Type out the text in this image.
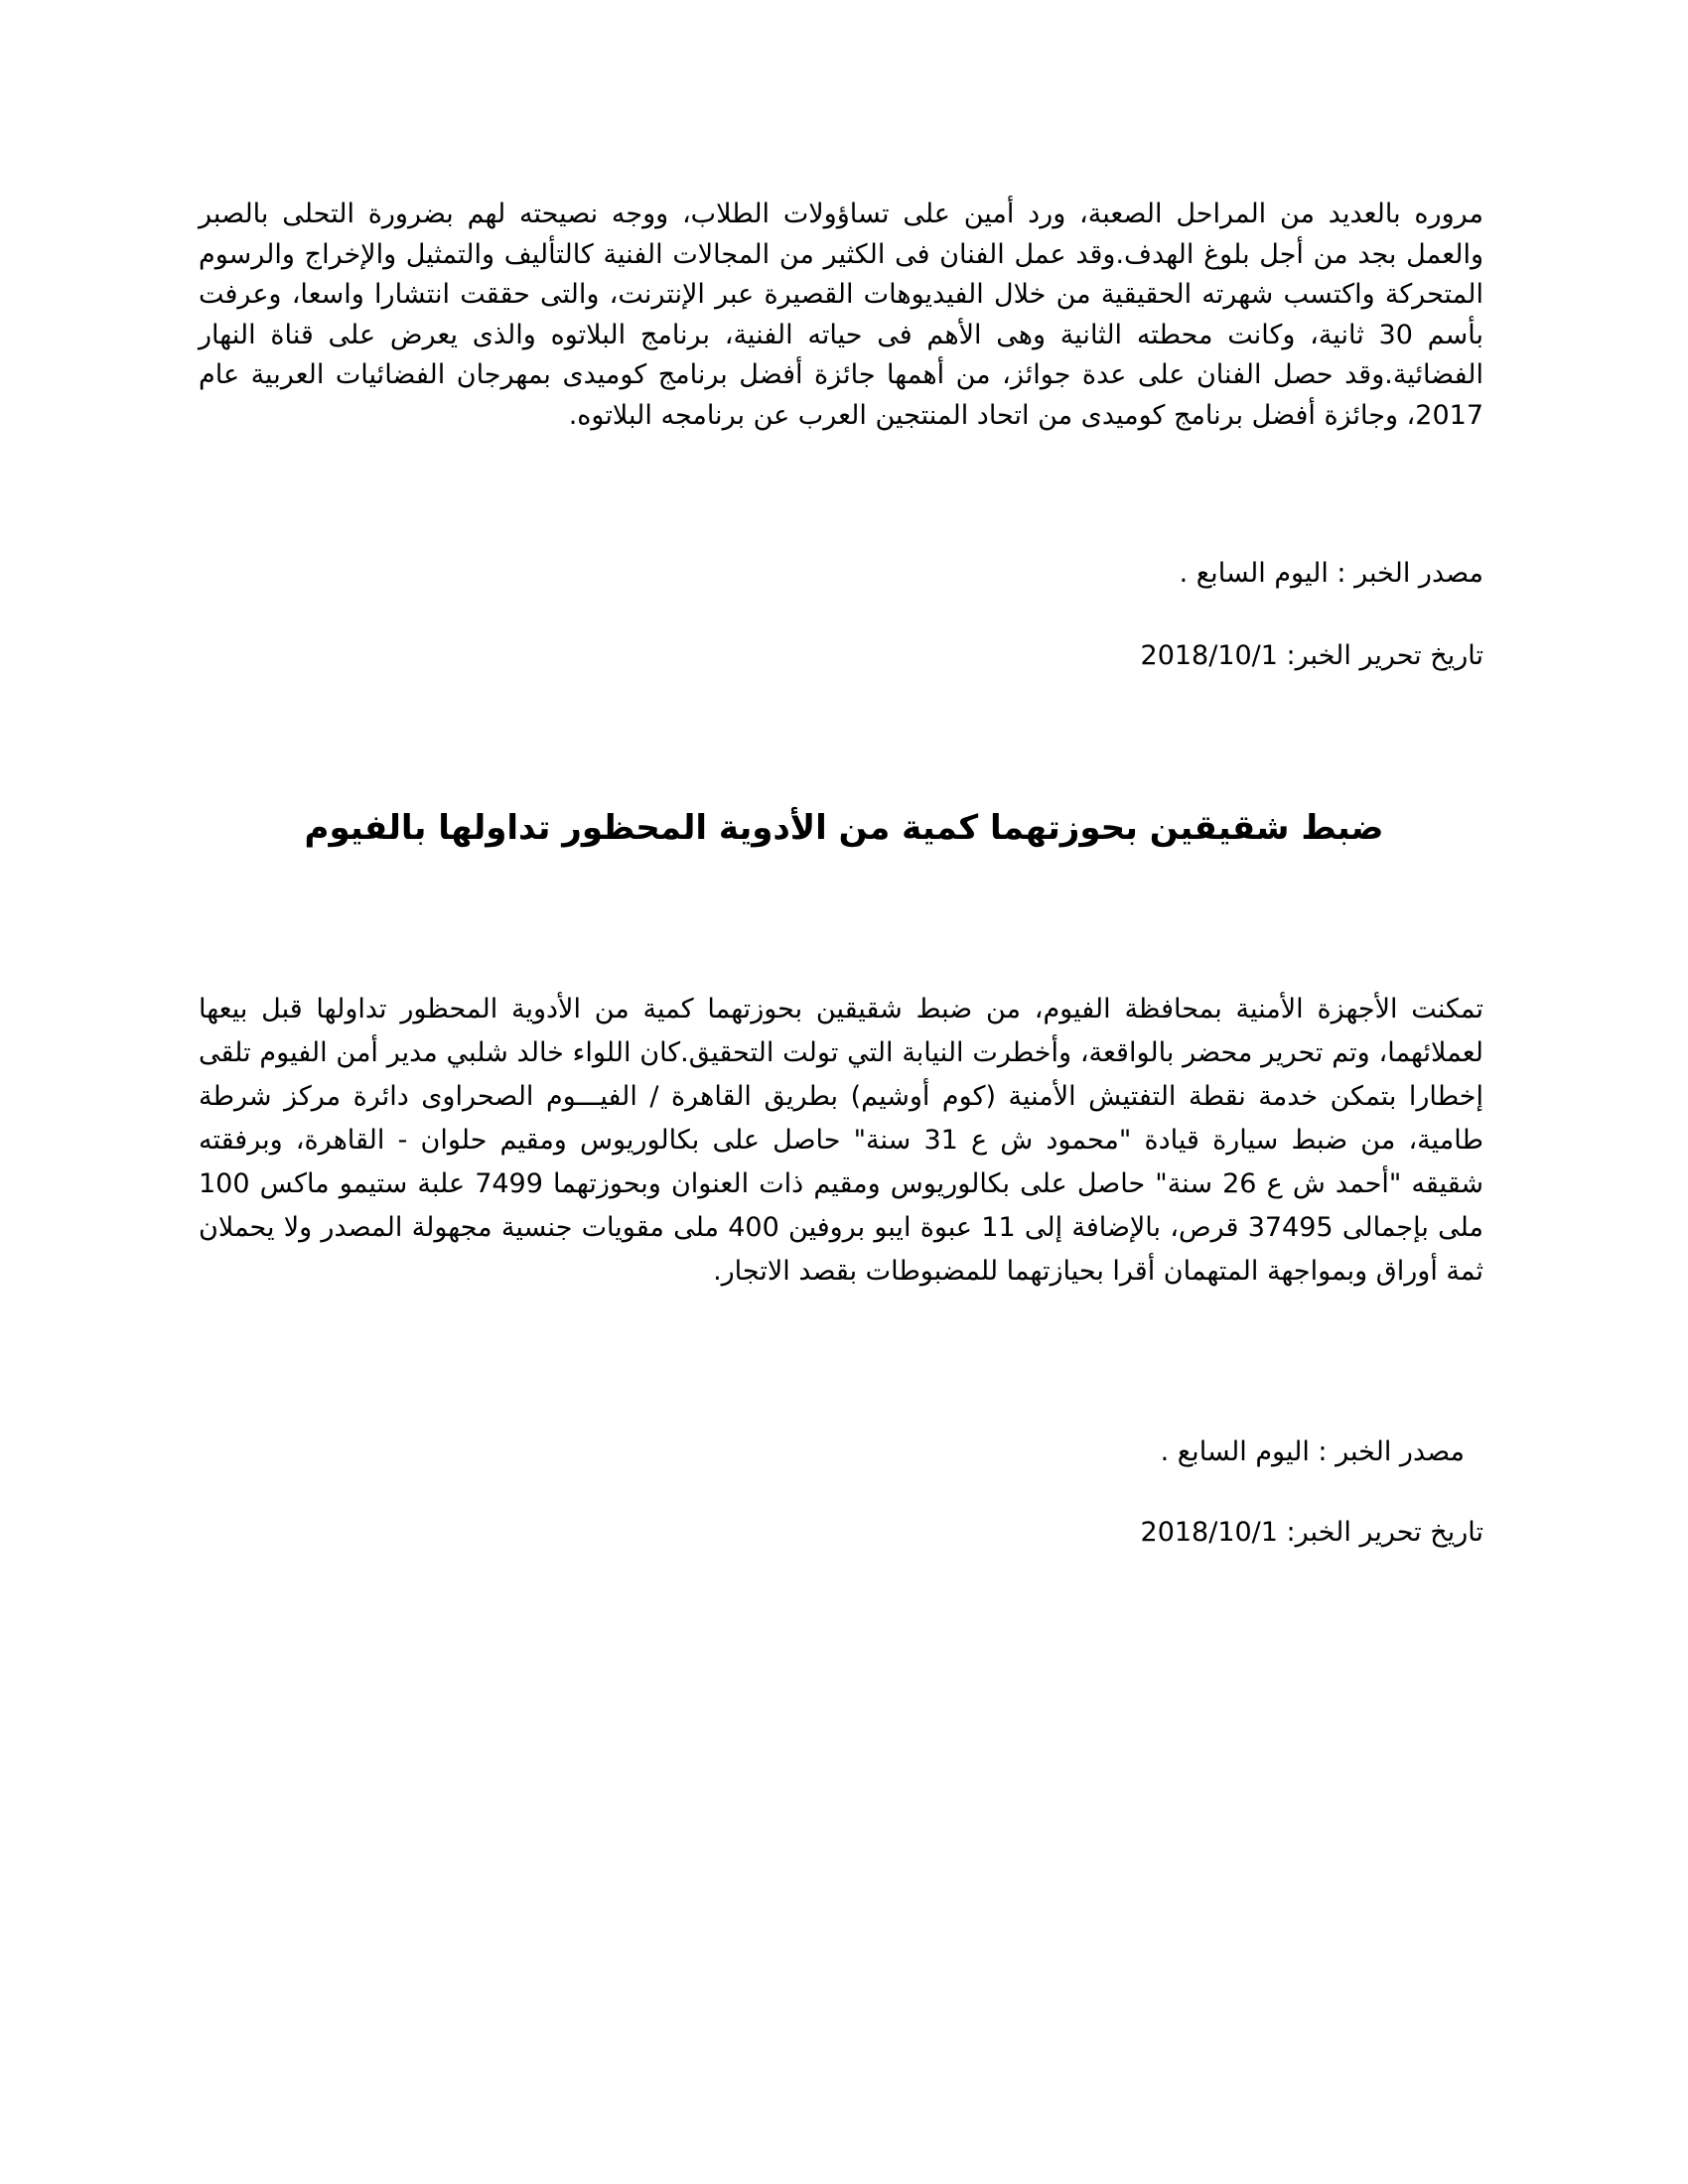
مروره بالعديد من المراحل الصعبة، ورد أمين على تساؤولات الطلاب، ووجه نصيحته لهم بضرورة التحلى بالصبر والعمل بجد من أجل بلوغ الهدف.وقد عمل الفنان فى الكثير من المجالات الفنية كالتأليف والتمثيل والإخراج والرسوم المتحركة واكتسب شهرته الحقيقية من خلال الفيديوهات القصيرة عبر الإنترنت، والتى حققت انتشارا واسعا، وعرفت بأسم 30 ثانية، وكانت محطته الثانية وهى الأهم فى حياته الفنية، برنامج البلاتوه والذى يعرض على قناة النهار الفضائية.وقد حصل الفنان على عدة جوائز، من أهمها جائزة أفضل برنامج كوميدى بمهرجان الفضائيات العربية عام 2017، وجائزة أفضل برنامج كوميدى من اتحاد المنتجين العرب عن برنامجه البلاتوه.

مصدر الخبر : اليوم السابع .

تاريخ تحرير الخبر: 2018/10/1

ضبط شقيقين بحوزتهما كمية من الأدوية المحظور تداولها بالفيوم

تمكنت الأجهزة الأمنية بمحافظة الفيوم، من ضبط شقيقين بحوزتهما كمية من الأدوية المحظور تداولها قبل بيعها لعملائهما، وتم تحرير محضر بالواقعة، وأخطرت النيابة التي تولت التحقيق.كان اللواء خالد شلبي مدير أمن الفيوم تلقى إخطارا بتمكن خدمة نقطة التفتيش الأمنية (كوم أوشيم) بطريق القاهرة / الفيـــوم الصحراوى دائرة مركز شرطة طامية، من ضبط سيارة قيادة "محمود ش ع 31 سنة" حاصل على بكالوريوس ومقيم حلوان - القاهرة، وبرفقته شقيقه "أحمد ش ع 26 سنة" حاصل على بكالوريوس ومقيم ذات العنوان وبحوزتهما 7499 علبة ستيمو ماكس 100 ملى بإجمالى 37495 قرص، بالإضافة إلى 11 عبوة ايبو بروفين 400 ملى مقويات جنسية مجهولة المصدر ولا يحملان ثمة أوراق وبمواجهة المتهمان أقرا بحيازتهما للمضبوطات بقصد الاتجار.

مصدر الخبر : اليوم السابع .

تاريخ تحرير الخبر: 2018/10/1
